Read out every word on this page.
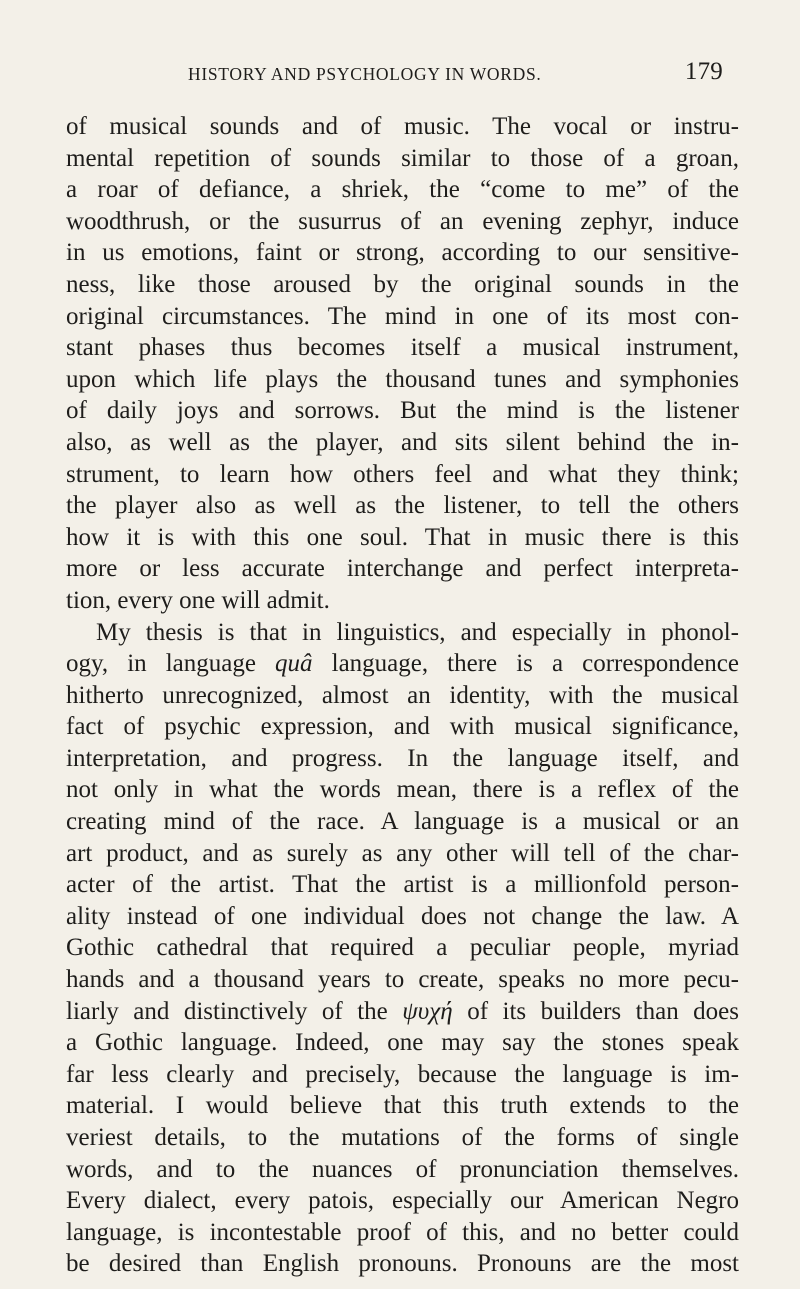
HISTORY AND PSYCHOLOGY IN WORDS.	179
of musical sounds and of music. The vocal or instru-
mental repetition of sounds similar to those of a groan,
a roar of defiance, a shriek, the “come to me” of the
woodthrush, or the susurrus of an evening zephyr, induce
in us emotions, faint or strong, according to our sensitive-
ness, like those aroused by the original sounds in the
original circumstances. The mind in one of its most con-
stant phases thus becomes itself a musical instrument,
upon which life plays the thousand tunes and symphonies
of daily joys and sorrows. But the mind is the listener
also, as well as the player, and sits silent behind the in-
strument, to learn how others feel and what they think;
the player also as well as the listener, to tell the others
how it is with this one soul. That in music there is this
more or less accurate interchange and perfect interpreta-
tion, every one will admit.
My thesis is that in linguistics, and especially in phonol-
ogy, in language quâ language, there is a correspondence
hitherto unrecognized, almost an identity, with the musical
fact of psychic expression, and with musical significance,
interpretation, and progress. In the language itself, and
not only in what the words mean, there is a reflex of the
creating mind of the race. A language is a musical or an
art product, and as surely as any other will tell of the char-
acter of the artist. That the artist is a millionfold person-
ality instead of one individual does not change the law. A
Gothic cathedral that required a peculiar people, myriad
hands and a thousand years to create, speaks no more pecu-
liarly and distinctively of the ψυχή of its builders than does
a Gothic language. Indeed, one may say the stones speak
far less clearly and precisely, because the language is im-
material. I would believe that this truth extends to the
veriest details, to the mutations of the forms of single
words, and to the nuances of pronunciation themselves.
Every dialect, every patois, especially our American Negro
language, is incontestable proof of this, and no better could
be desired than English pronouns. Pronouns are the most
